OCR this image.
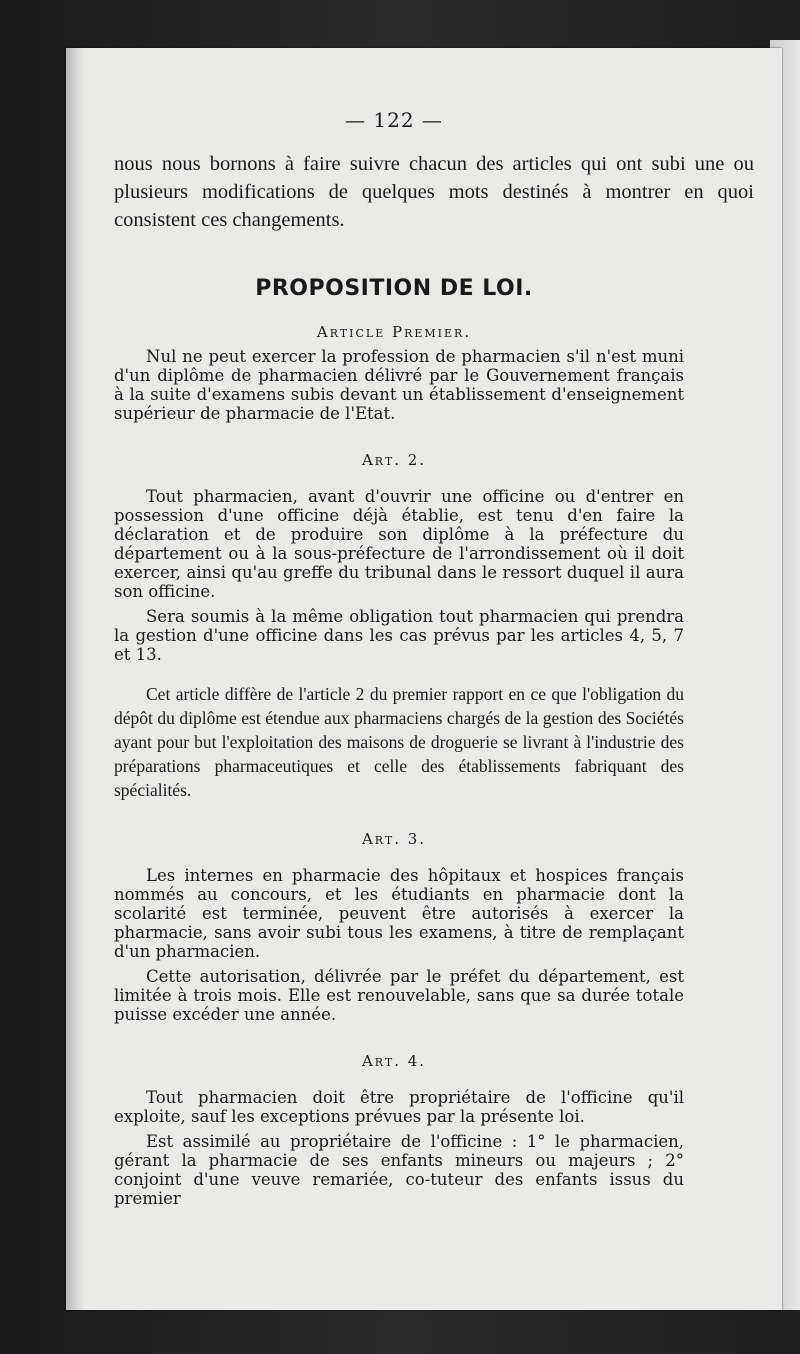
— 122 —
nous nous bornons à faire suivre chacun des articles qui ont subi une ou plusieurs modifications de quelques mots destinés à montrer en quoi consistent ces changements.
PROPOSITION DE LOI.
Article Premier.
Nul ne peut exercer la profession de pharmacien s'il n'est muni d'un diplôme de pharmacien délivré par le Gouvernement français à la suite d'examens subis devant un établissement d'enseignement supérieur de pharmacie de l'Etat.
Art. 2.
Tout pharmacien, avant d'ouvrir une officine ou d'entrer en possession d'une officine déjà établie, est tenu d'en faire la déclaration et de produire son diplôme à la préfecture du département ou à la sous-préfecture de l'arrondissement où il doit exercer, ainsi qu'au greffe du tribunal dans le ressort duquel il aura son officine.
Sera soumis à la même obligation tout pharmacien qui prendra la gestion d'une officine dans les cas prévus par les articles 4, 5, 7 et 13.
Cet article diffère de l'article 2 du premier rapport en ce que l'obligation du dépôt du diplôme est étendue aux pharmaciens chargés de la gestion des Sociétés ayant pour but l'exploitation des maisons de droguerie se livrant à l'industrie des préparations pharmaceutiques et celle des établissements fabriquant des spécialités.
Art. 3.
Les internes en pharmacie des hôpitaux et hospices français nommés au concours, et les étudiants en pharmacie dont la scolarité est terminée, peuvent être autorisés à exercer la pharmacie, sans avoir subi tous les examens, à titre de remplaçant d'un pharmacien.
Cette autorisation, délivrée par le préfet du département, est limitée à trois mois. Elle est renouvelable, sans que sa durée totale puisse excéder une année.
Art. 4.
Tout pharmacien doit être propriétaire de l'officine qu'il exploite, sauf les exceptions prévues par la présente loi.
Est assimilé au propriétaire de l'officine : 1° le pharmacien, gérant la pharmacie de ses enfants mineurs ou majeurs ; 2° conjoint d'une veuve remariée, co-tuteur des enfants issus du premier
